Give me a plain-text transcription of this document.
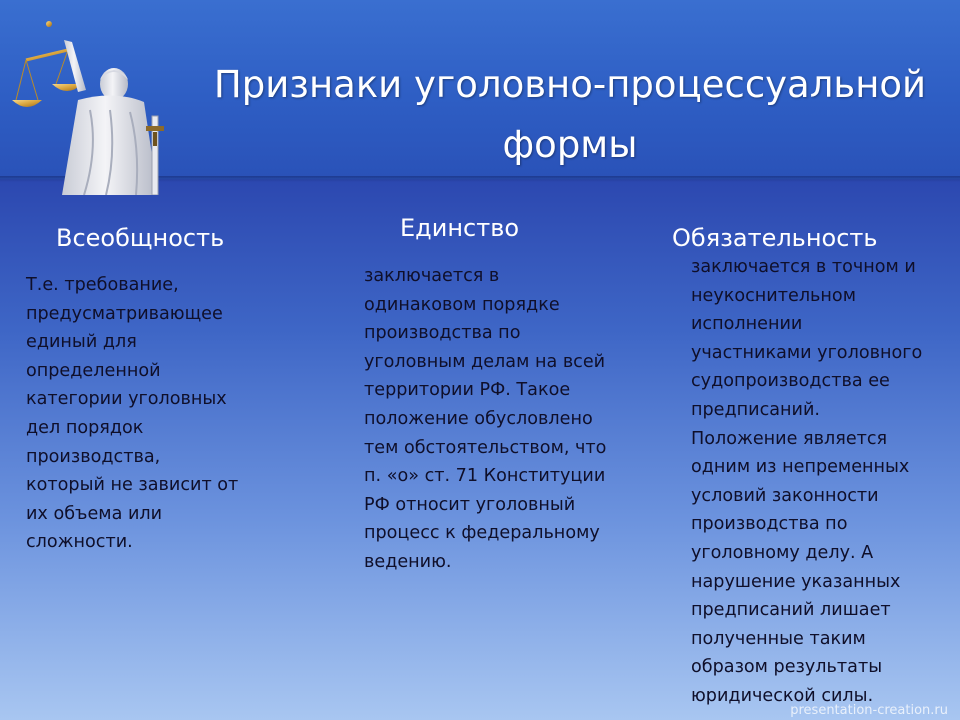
Признаки уголовно-процессуальной
формы
Всеобщность
Т.е. требование,
предусматривающее
единый для
определенной
категории уголовных
дел порядок
производства,
который не зависит от
их объема или
сложности.
Единство
заключается в
одинаковом порядке
производства по
уголовным делам на всей
территории РФ. Такое
положение обусловлено
тем обстоятельством, что
п. «о» ст. 71 Конституции
РФ относит уголовный
процесс к федеральному
ведению.
Обязательность
заключается в точном и
неукоснительном
исполнении
участниками уголовного
судопроизводства ее
предписаний.
Положение является
одним из непременных
условий законности
производства по
уголовному делу. А
нарушение указанных
предписаний лишает
полученные таким
образом результаты
юридической силы.
presentation-creation.ru
